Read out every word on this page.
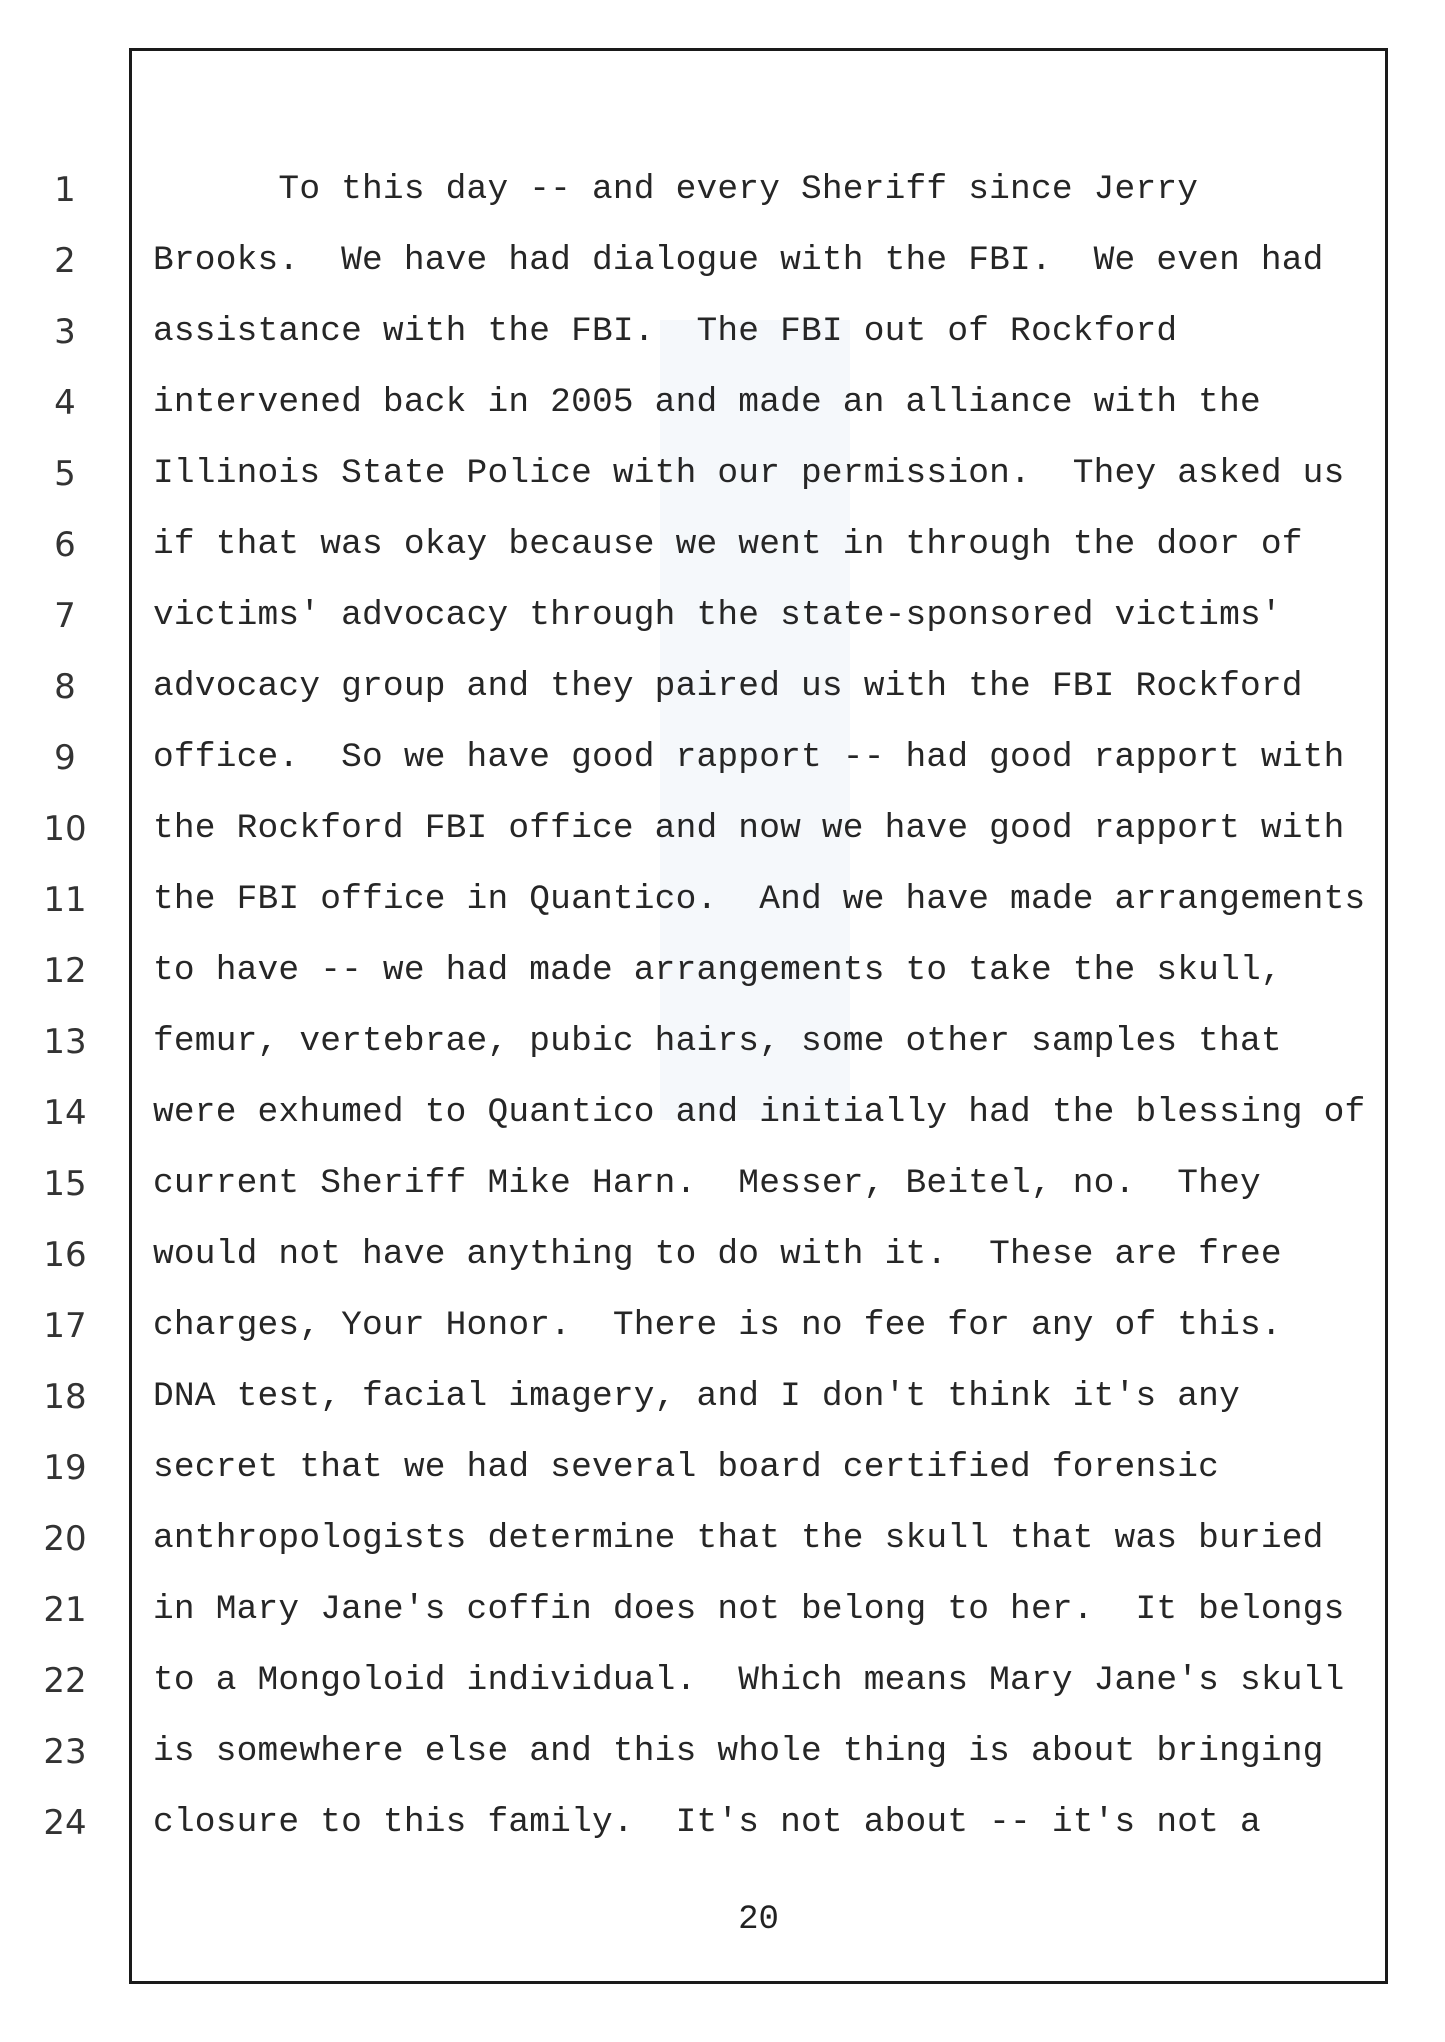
1
2
3
4
5
6
7
8
9
10
11
12
13
14
15
16
17
18
19
20
21
22
23
24
To this day -- and every Sheriff since Jerry
Brooks.  We have had dialogue with the FBI.  We even had
assistance with the FBI.  The FBI out of Rockford
intervened back in 2005 and made an alliance with the
Illinois State Police with our permission.  They asked us
if that was okay because we went in through the door of
victims' advocacy through the state-sponsored victims'
advocacy group and they paired us with the FBI Rockford
office.  So we have good rapport -- had good rapport with
the Rockford FBI office and now we have good rapport with
the FBI office in Quantico.  And we have made arrangements
to have -- we had made arrangements to take the skull,
femur, vertebrae, pubic hairs, some other samples that
were exhumed to Quantico and initially had the blessing of
current Sheriff Mike Harn.  Messer, Beitel, no.  They
would not have anything to do with it.  These are free
charges, Your Honor.  There is no fee for any of this.
DNA test, facial imagery, and I don't think it's any
secret that we had several board certified forensic
anthropologists determine that the skull that was buried
in Mary Jane's coffin does not belong to her.  It belongs
to a Mongoloid individual.  Which means Mary Jane's skull
is somewhere else and this whole thing is about bringing
closure to this family.  It's not about -- it's not a
20
